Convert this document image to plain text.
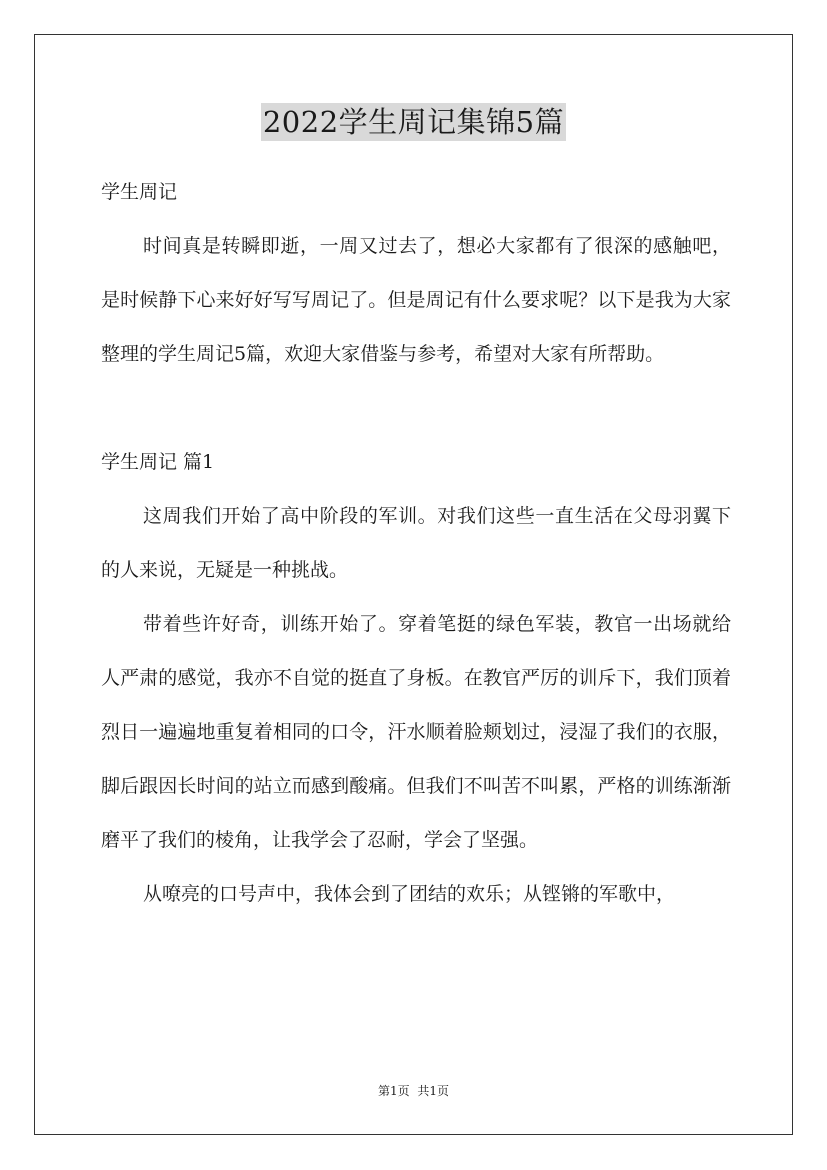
2022学生周记集锦5篇

学生周记

时间真是转瞬即逝，一周又过去了，想必大家都有了很深的感触吧，是时候静下心来好好写写周记了。但是周记有什么要求呢？以下是我为大家整理的学生周记5篇，欢迎大家借鉴与参考，希望对大家有所帮助。

学生周记 篇1

这周我们开始了高中阶段的军训。对我们这些一直生活在父母羽翼下的人来说，无疑是一种挑战。

带着些许好奇，训练开始了。穿着笔挺的绿色军装，教官一出场就给人严肃的感觉，我亦不自觉的挺直了身板。在教官严厉的训斥下，我们顶着烈日一遍遍地重复着相同的口令，汗水顺着脸颊划过，浸湿了我们的衣服，脚后跟因长时间的站立而感到酸痛。但我们不叫苦不叫累，严格的训练渐渐磨平了我们的棱角，让我学会了忍耐，学会了坚强。

从嘹亮的口号声中，我体会到了团结的欢乐；从铿锵的军歌中，

第1页 共1页
